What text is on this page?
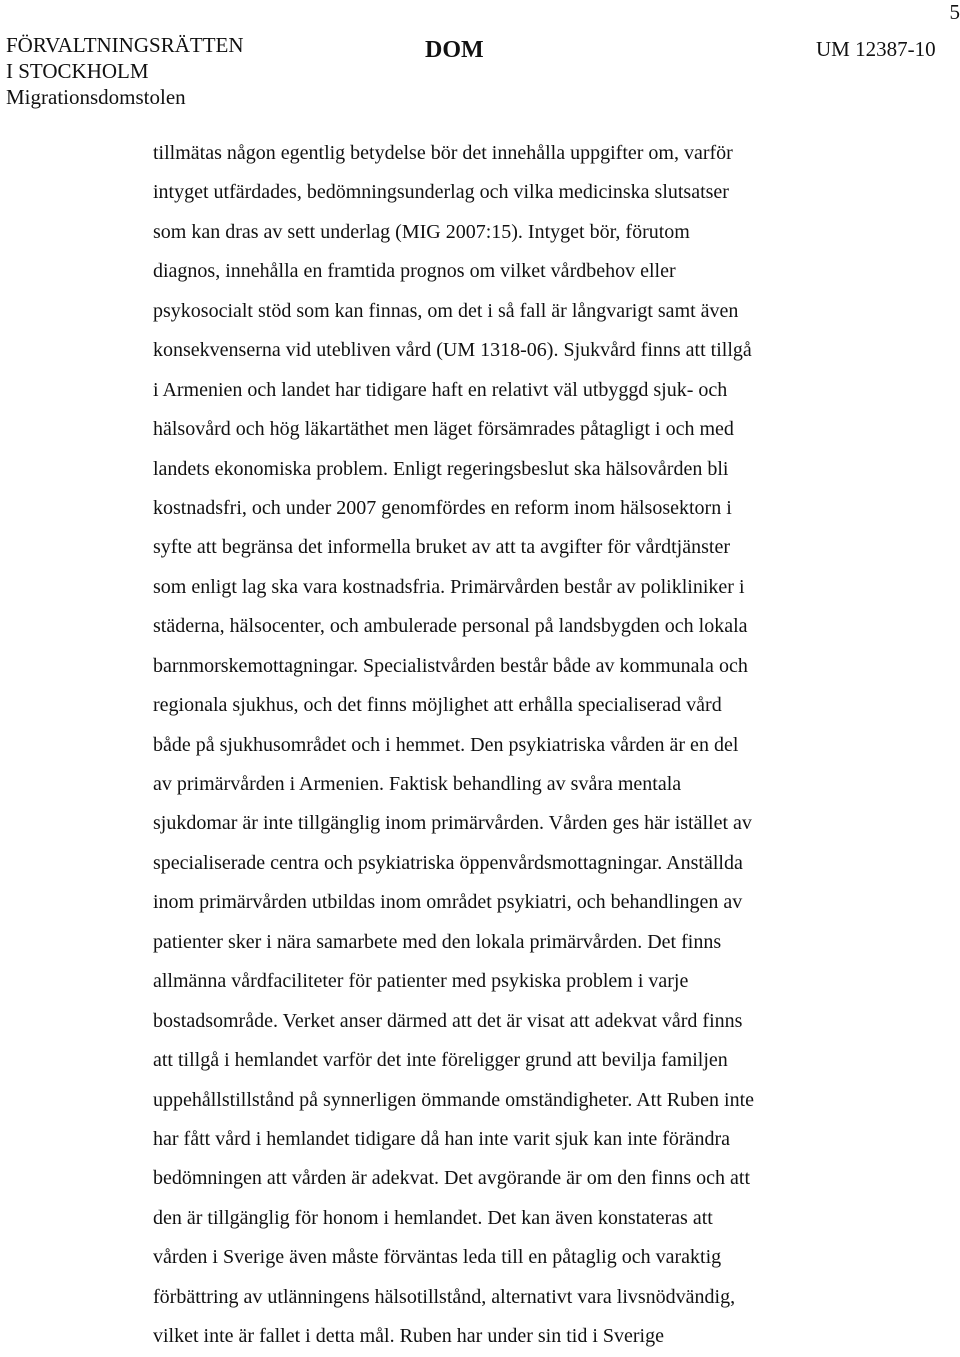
5
FÖRVALTNINGSRÄTTEN
I STOCKHOLM
Migrationsdomstolen
DOM	UM 12387-10
tillmätas någon egentlig betydelse bör det innehålla uppgifter om, varför
intyget utfärdades, bedömningsunderlag och vilka medicinska slutsatser
som kan dras av sett underlag (MIG 2007:15). Intyget bör, förutom
diagnos, innehålla en framtida prognos om vilket vårdbehov eller
psykosocialt stöd som kan finnas, om det i så fall är långvarigt samt även
konsekvenserna vid utebliven vård (UM 1318-06). Sjukvård finns att tillgå
i Armenien och landet har tidigare haft en relativt väl utbyggd sjuk- och
hälsovård och hög läkartäthet men läget försämrades påtagligt i och med
landets ekonomiska problem. Enligt regeringsbeslut ska hälsovården bli
kostnadsfri, och under 2007 genomfördes en reform inom hälsosektorn i
syfte att begränsa det informella bruket av att ta avgifter för vårdtjänster
som enligt lag ska vara kostnadsfria. Primärvården består av polikliniker i
städerna, hälsocenter, och ambulerade personal på landsbygden och lokala
barnmorskemottagningar. Specialistvården består både av kommunala och
regionala sjukhus, och det finns möjlighet att erhålla specialiserad vård
både på sjukhusområdet och i hemmet. Den psykiatriska vården är en del
av primärvården i Armenien. Faktisk behandling av svåra mentala
sjukdomar är inte tillgänglig inom primärvården. Vården ges här istället av
specialiserade centra och psykiatriska öppenvårdsmottagningar. Anställda
inom primärvården utbildas inom området psykiatri, och behandlingen av
patienter sker i nära samarbete med den lokala primärvården. Det finns
allmänna vårdfaciliteter för patienter med psykiska problem i varje
bostadsområde. Verket anser därmed att det är visat att adekvat vård finns
att tillgå i hemlandet varför det inte föreligger grund att bevilja familjen
uppehållstillstånd på synnerligen ömmande omständigheter. Att Ruben inte
har fått vård i hemlandet tidigare då han inte varit sjuk kan inte förändra
bedömningen att vården är adekvat. Det avgörande är om den finns och att
den är tillgänglig för honom i hemlandet. Det kan även konstateras att
vården i Sverige även måste förväntas leda till en påtaglig och varaktig
förbättring av utlänningens hälsotillstånd, alternativt vara livsnödvändig,
vilket inte är fallet i detta mål. Ruben har under sin tid i Sverige
